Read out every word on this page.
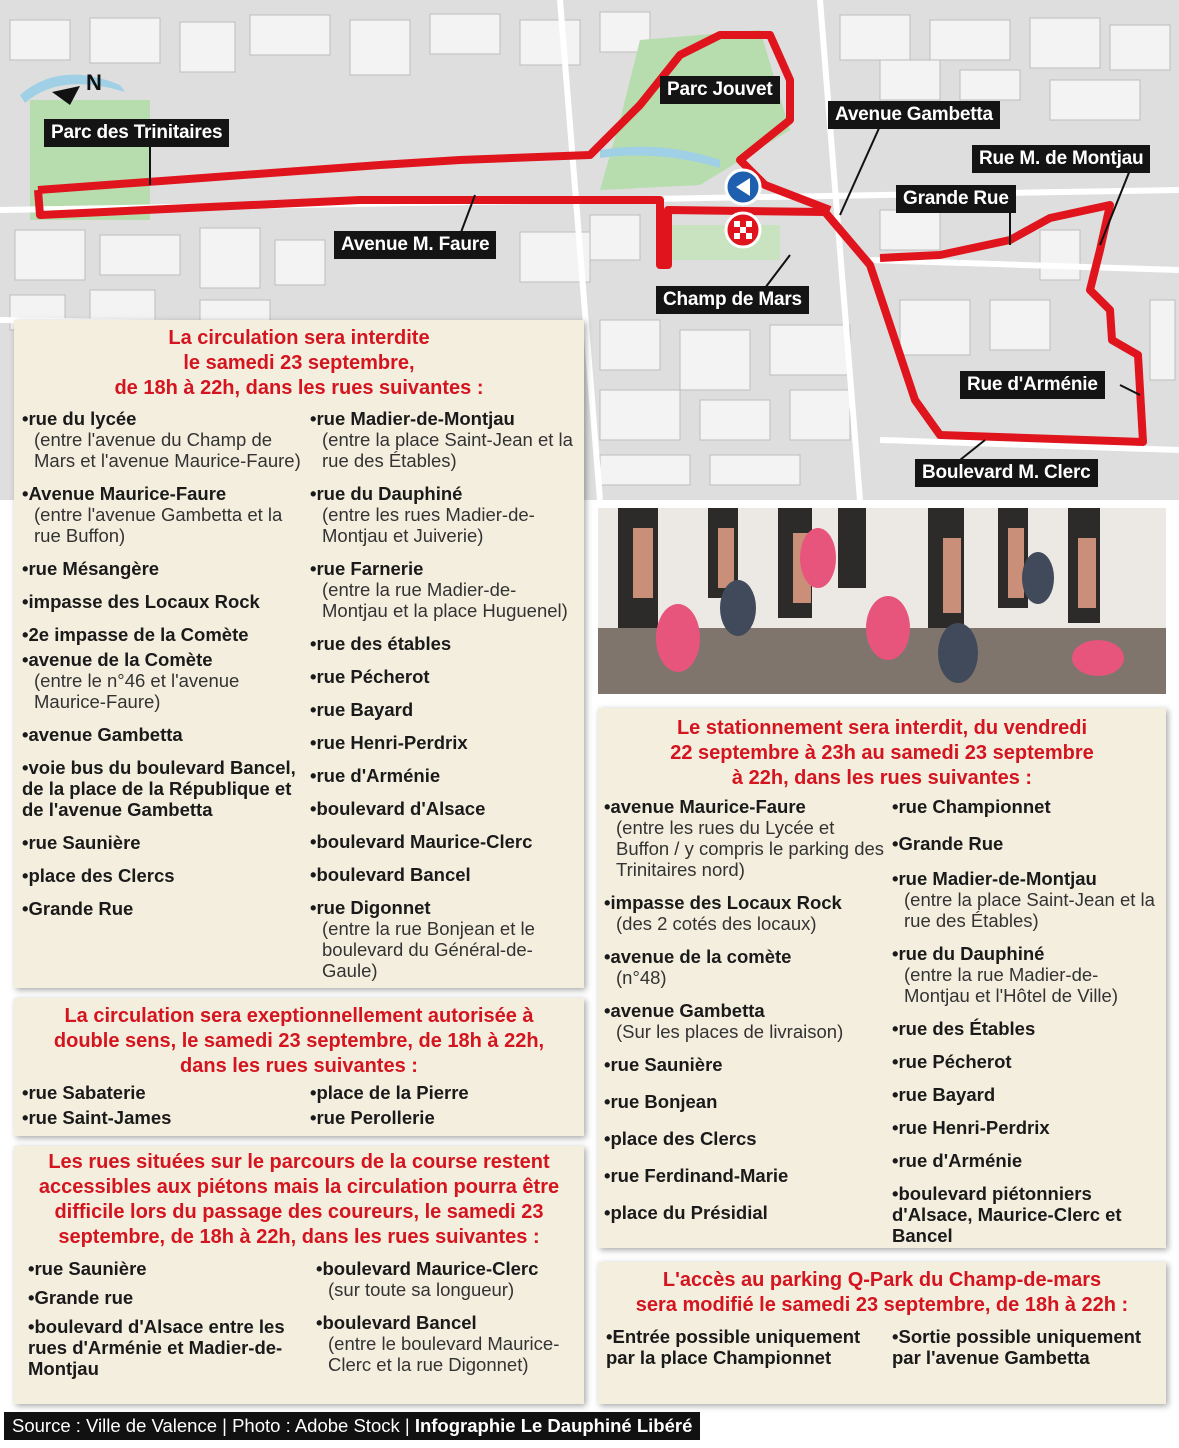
N
Parc des Trinitaires
Parc Jouvet
Avenue Gambetta
Rue M. de Montjau
Grande Rue
Avenue M. Faure
Champ de Mars
Rue d'Arménie
Boulevard M. Clerc
La circulation sera interdite
le samedi 23 septembre,
de 18h à 22h, dans les rues suivantes :
• rue du lycée
(entre l'avenue du Champ de Mars et l'avenue Maurice-Faure)
• Avenue Maurice-Faure
(entre l'avenue Gambetta et la rue Buffon)
• rue Mésangère
• impasse des Locaux Rock
• 2e impasse de la Comète
• avenue de la Comète
(entre le n°46 et l'avenue Maurice-Faure)
• avenue Gambetta
• voie bus du boulevard Bancel, de la place de la République et de l'avenue Gambetta
• rue Saunière
• place des Clercs
• Grande Rue
• rue Madier-de-Montjau
(entre la place Saint-Jean et la rue des Étables)
• rue du Dauphiné
(entre les rues Madier-de-Montjau et Juiverie)
• rue Farnerie
(entre la rue Madier-de-Montjau et la place Huguenel)
• rue des étables
• rue Pécherot
• rue Bayard
• rue Henri-Perdrix
• rue d'Arménie
• boulevard d'Alsace
• boulevard Maurice-Clerc
• boulevard Bancel
• rue Digonnet
(entre la rue Bonjean et le boulevard du Général-de-Gaule)
La circulation sera exeptionnellement autorisée à
double sens, le samedi 23 septembre, de 18h à 22h,
dans les rues suivantes :
• rue Sabaterie
• rue Saint-James
• place de la Pierre
• rue Perollerie
Les rues situées sur le parcours de la course restent
accessibles aux piétons mais la circulation pourra être
difficile lors du passage des coureurs, le samedi 23
septembre, de 18h à 22h, dans les rues suivantes :
• rue Saunière
• Grande rue
• boulevard d'Alsace entre les rues d'Arménie et Madier-de-Montjau
• boulevard Maurice-Clerc
(sur toute sa longueur)
• boulevard Bancel
(entre le boulevard Maurice-Clerc et la rue Digonnet)
Le stationnement sera interdit, du vendredi
22 septembre à 23h au samedi 23 septembre
à 22h, dans les rues suivantes :
• avenue Maurice-Faure
(entre les rues du Lycée et Buffon / y compris le parking des Trinitaires nord)
• impasse des Locaux Rock
(des 2 cotés des locaux)
• avenue de la comète
(n°48)
• avenue Gambetta
(Sur les places de livraison)
• rue Saunière
• rue Bonjean
• place des Clercs
• rue Ferdinand-Marie
• place du Présidial
• rue Championnet
• Grande Rue
• rue Madier-de-Montjau
(entre la place Saint-Jean et la rue des Étables)
• rue du Dauphiné
(entre la rue Madier-de-Montjau et l'Hôtel de Ville)
• rue des Étables
• rue Pécherot
• rue Bayard
• rue Henri-Perdrix
• rue d'Arménie
• boulevard piétonniers d'Alsace, Maurice-Clerc et Bancel
L'accès au parking Q-Park du Champ-de-mars
sera modifié le samedi 23 septembre, de 18h à 22h :
• Entrée possible uniquement par la place Championnet
• Sortie possible uniquement par l'avenue Gambetta
Source : Ville de Valence | Photo : Adobe Stock | Infographie Le Dauphiné Libéré
